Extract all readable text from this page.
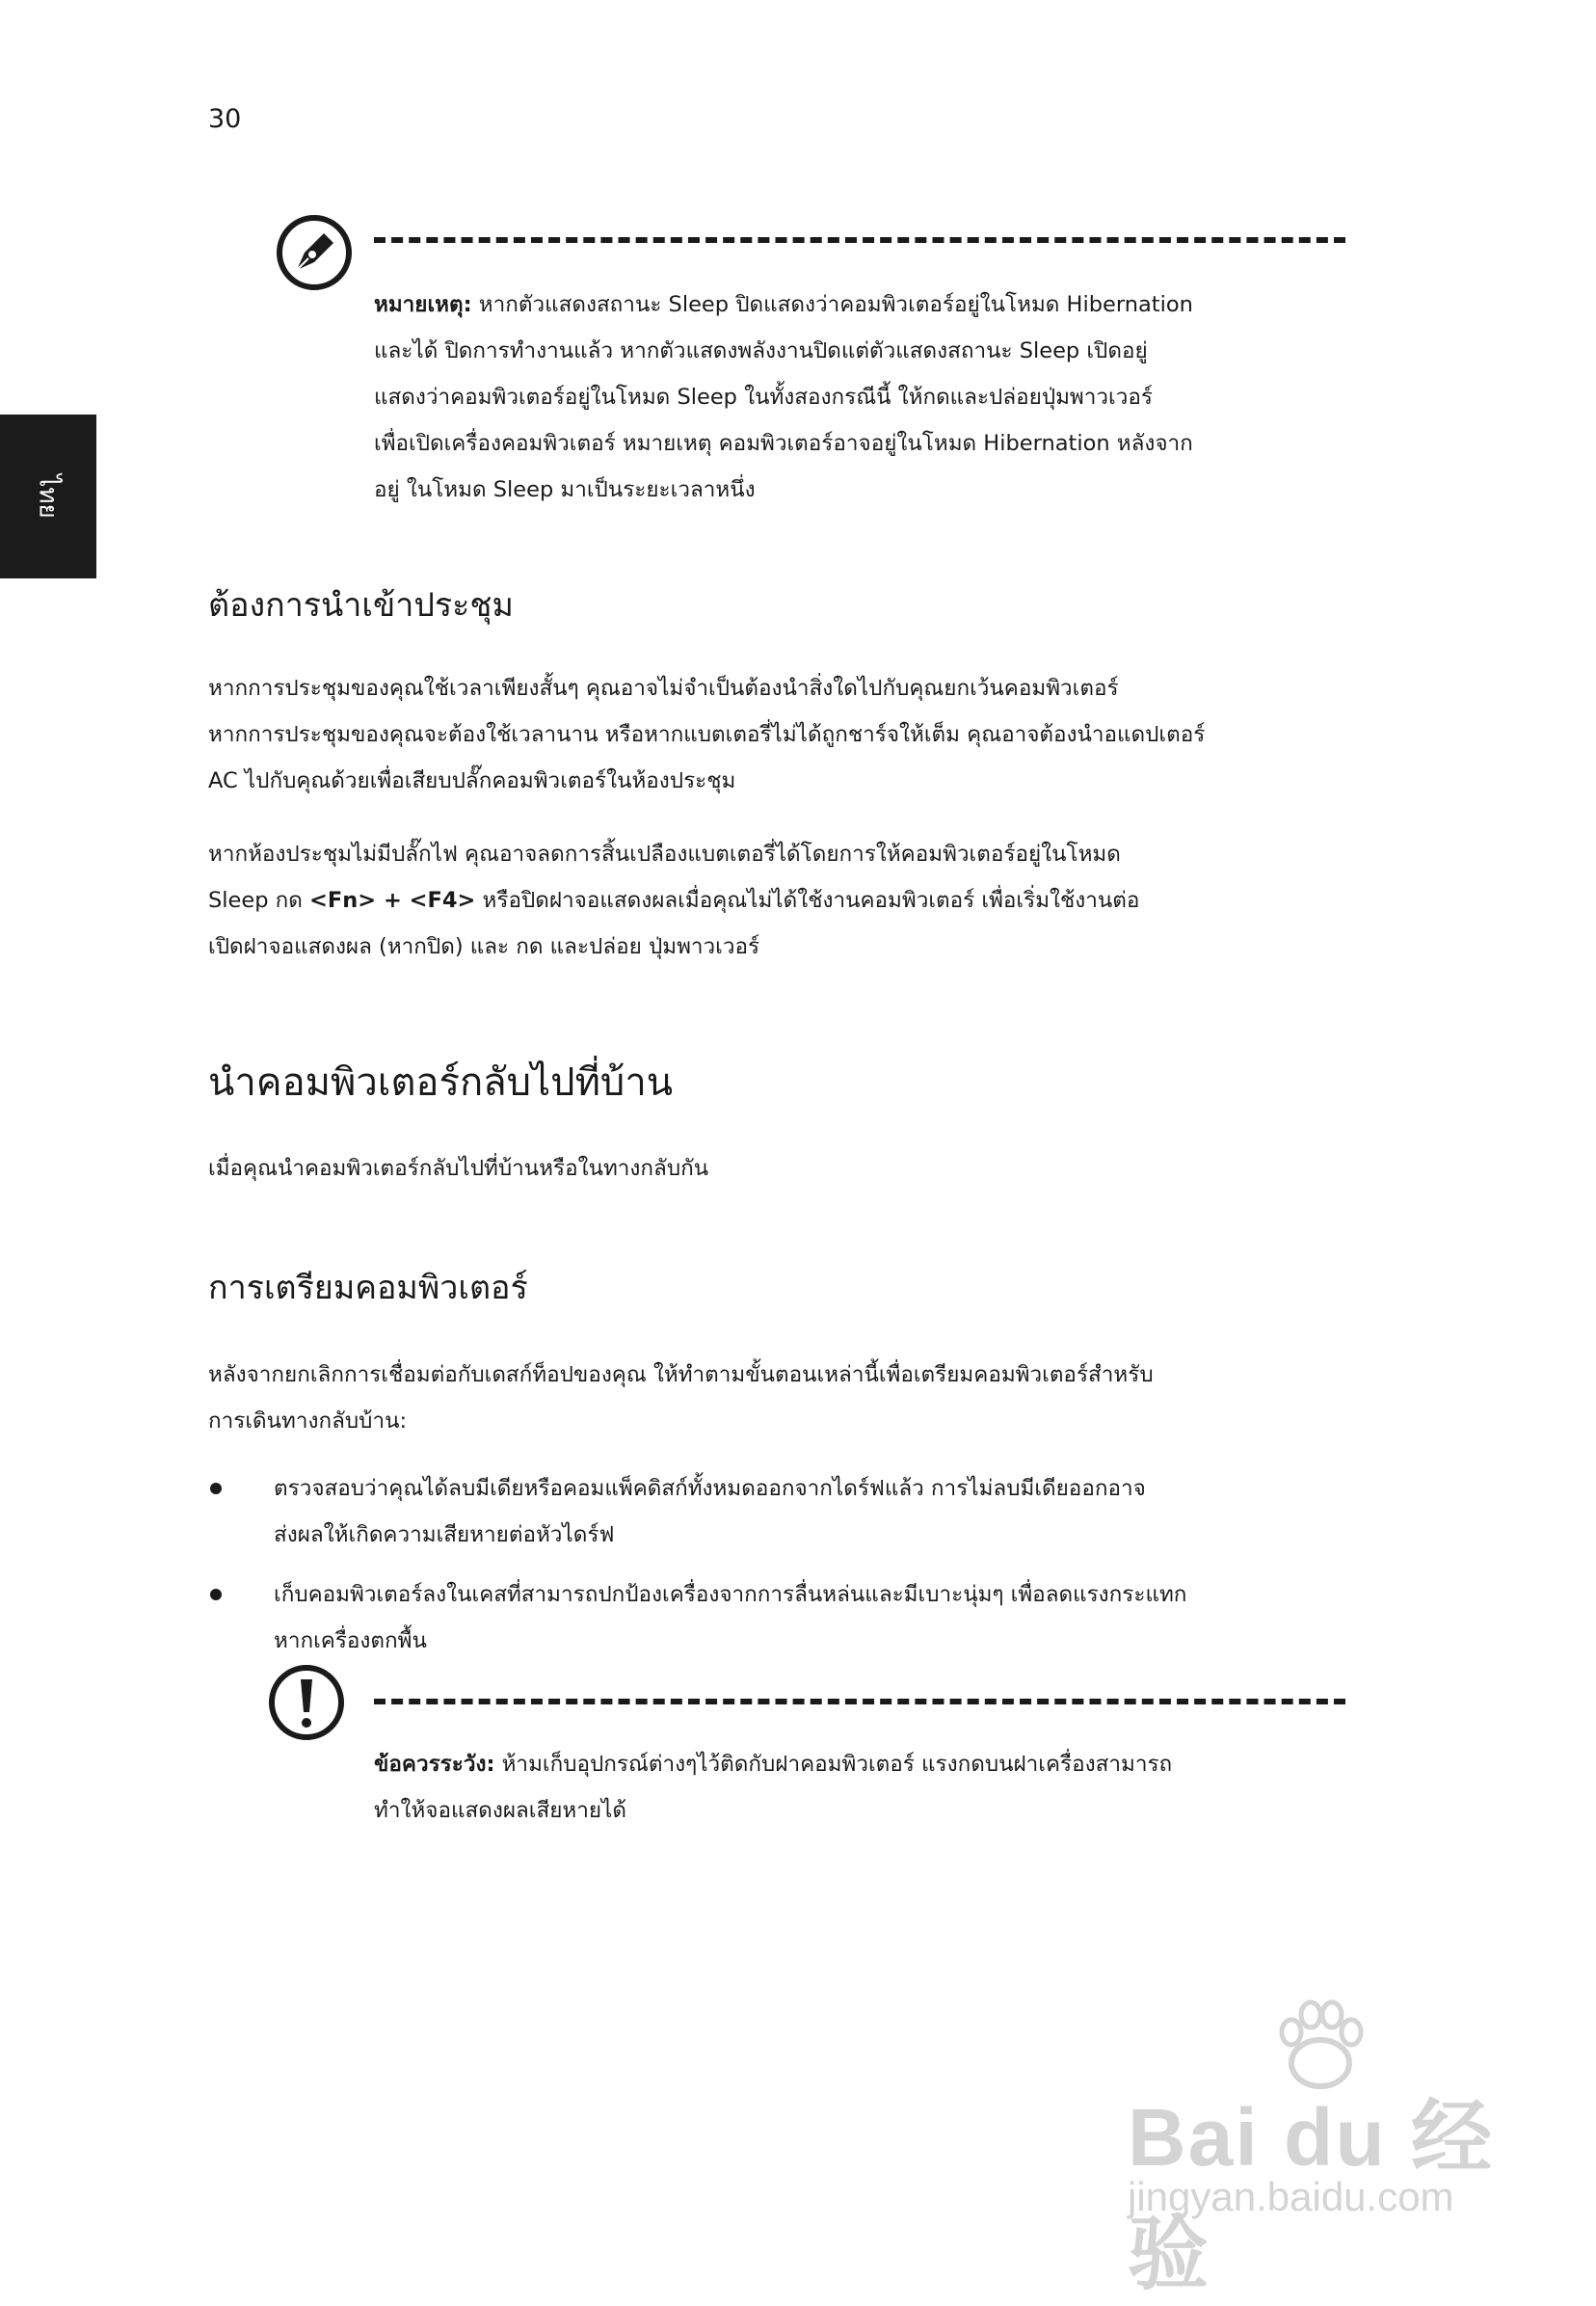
30
ไทย
หมายเหตุ: หากตัวแสดงสถานะ Sleep ปิดแสดงว่าคอมพิวเตอร์อยู่ในโหมด Hibernation
และได้ ปิดการทำงานแล้ว หากตัวแสดงพลังงานปิดแต่ตัวแสดงสถานะ Sleep เปิดอยู่
แสดงว่าคอมพิวเตอร์อยู่ในโหมด Sleep ในทั้งสองกรณีนี้ ให้กดและปล่อยปุ่มพาวเวอร์
เพื่อเปิดเครื่องคอมพิวเตอร์ หมายเหตุ คอมพิวเตอร์อาจอยู่ในโหมด Hibernation หลังจาก
อยู่ ในโหมด Sleep มาเป็นระยะเวลาหนึ่ง
ต้องการนำเข้าประชุม
หากการประชุมของคุณใช้เวลาเพียงสั้นๆ คุณอาจไม่จำเป็นต้องนำสิ่งใดไปกับคุณยกเว้นคอมพิวเตอร์
หากการประชุมของคุณจะต้องใช้เวลานาน หรือหากแบตเตอรี่ไม่ได้ถูกชาร์จให้เต็ม คุณอาจต้องนำอแดปเตอร์
AC ไปกับคุณด้วยเพื่อเสียบปลั๊กคอมพิวเตอร์ในห้องประชุม
หากห้องประชุมไม่มีปลั๊กไฟ คุณอาจลดการสิ้นเปลืองแบตเตอรี่ได้โดยการให้คอมพิวเตอร์อยู่ในโหมด
Sleep กด <Fn> + <F4> หรือปิดฝาจอแสดงผลเมื่อคุณไม่ได้ใช้งานคอมพิวเตอร์ เพื่อเริ่มใช้งานต่อ
เปิดฝาจอแสดงผล (หากปิด) และ กด และปล่อย ปุ่มพาวเวอร์
นำคอมพิวเตอร์กลับไปที่บ้าน
เมื่อคุณนำคอมพิวเตอร์กลับไปที่บ้านหรือในทางกลับกัน
การเตรียมคอมพิวเตอร์
หลังจากยกเลิกการเชื่อมต่อกับเดสก์ท็อปของคุณ ให้ทำตามขั้นตอนเหล่านี้เพื่อเตรียมคอมพิวเตอร์สำหรับ
การเดินทางกลับบ้าน:
ตรวจสอบว่าคุณได้ลบมีเดียหรือคอมแพ็คดิสก์ทั้งหมดออกจากไดร์ฟแล้ว การไม่ลบมีเดียออกอาจ
ส่งผลให้เกิดความเสียหายต่อหัวไดร์ฟ
เก็บคอมพิวเตอร์ลงในเคสที่สามารถปกป้องเครื่องจากการลื่นหล่นและมีเบาะนุ่มๆ เพื่อลดแรงกระแทก
หากเครื่องตกพื้น
ข้อควรระวัง: ห้ามเก็บอุปกรณ์ต่างๆไว้ติดกับฝาคอมพิวเตอร์ แรงกดบนฝาเครื่องสามารถ
ทำให้จอแสดงผลเสียหายได้
Bai du 经验
jingyan.baidu.com
